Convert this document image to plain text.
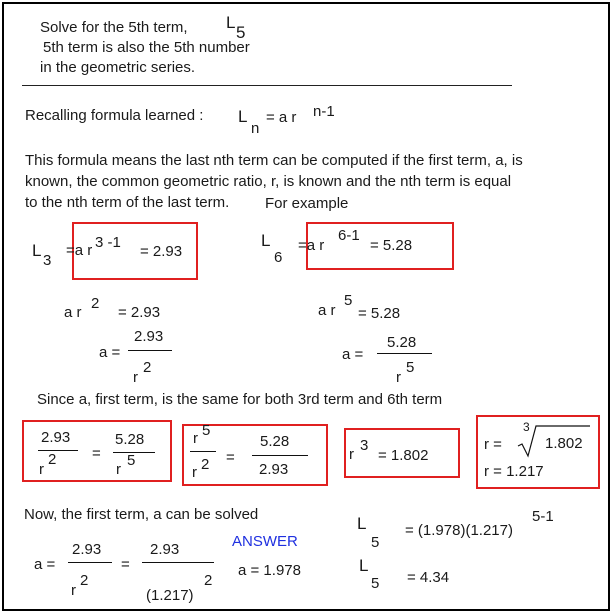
Solve for the 5th term, L
5
5th term is also the 5th number
in the geometric series.
Recalling formula learned : L
n
= a r n-1
This formula means the last nth term can be computed if the first term, a, is
known, the common geometric ratio, r, is known and the nth term is equal
to the nth term of the last term. For example
L
3
=a r 3 -1
= 2.93
L
6
=a r
6-1
= 5.28
a r
2
= 2.93
a =
2.93
r
2
a r
5
= 5.28
a =
5.28
r
5
Since a, first term, is the same for both 3rd term and 6th term
2.93
r
2 =
5.28
r
5
r 5
r 2 =
5.28
2.93
r
3
= 1.802
r =
3
1.802
r = 1.217
Now, the first term, a can be solved
a =
2.93
r
2
=
2.93
(1.217)
2
ANSWER
a = 1.978
L
5
= (1.978)(1.217)
5-1
L
5 = 4.34
